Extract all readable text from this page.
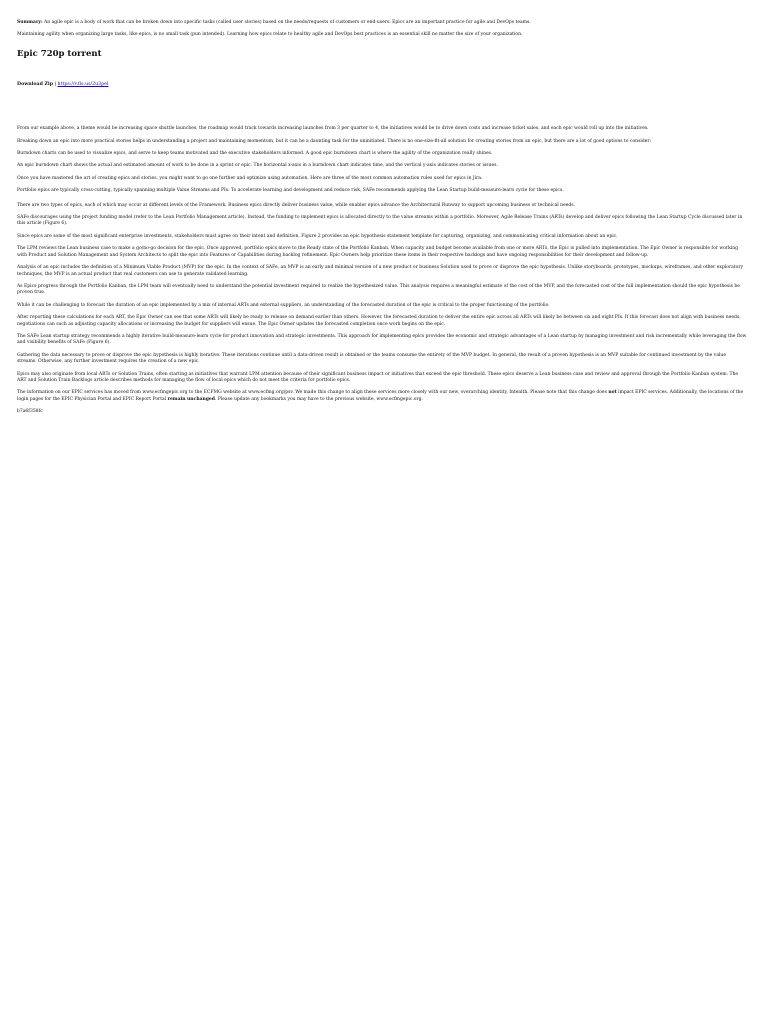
Summary: An agile epic is a body of work that can be broken down into specific tasks (called user stories) based on the needs/requests of customers or end-users. Epics are an important practice for agile and DevOps teams.

Maintaining agility when organizing large tasks, like epics, is no small task (pun intended). Learning how epics relate to healthy agile and DevOps best practices is an essential skill no matter the size of your organization.

Epic 720p torrent

Download Zip | https://v.fls.us/2u3pel

From our example above, a theme would be increasing space shuttle launches, the roadmap would track towards increasing launches from 3 per quarter to 4, the initiatives would be to drive down costs and increase ticket sales, and each epic would roll up into the initiatives.

Breaking down an epic into more practical stories helps in understanding a project and maintaining momentum, but it can be a daunting task for the uninitiated. There is no one-size-fit-all solution for creating stories from an epic, but there are a lot of good options to consider:

Burndown charts can be used to visualize epics, and serve to keep teams motivated and the executive stakeholders informed. A good epic burndown chart is where the agility of the organization really shines.

An epic burndown chart shows the actual and estimated amount of work to be done in a sprint or epic. The horizontal x-axis in a burndown chart indicates time, and the vertical y-axis indicates stories or issues.

Once you have mastered the art of creating epics and stories, you might want to go one further and optimize using automation. Here are three of the most common automation rules used for epics in Jira.

Portfolio epics are typically cross-cutting, typically spanning multiple Value Streams and PIs. To accelerate learning and development and reduce risk, SAFe recommends applying the Lean Startup build-measure-learn cycle for these epics.

There are two types of epics, each of which may occur at different levels of the Framework. Business epics directly deliver business value, while enabler epics advance the Architectural Runway to support upcoming business or technical needs.

SAFe discourages using the project funding model (refer to the Lean Portfolio Management article). Instead, the funding to implement epics is allocated directly to the value streams within a portfolio. Moreover, Agile Release Trains (ARTs) develop and deliver epics following the Lean Startup Cycle discussed later in this article (Figure 6).

Since epics are some of the most significant enterprise investments, stakeholders must agree on their intent and definition. Figure 2 provides an epic hypothesis statement template for capturing, organizing, and communicating critical information about an epic.

The LPM reviews the Lean business case to make a go/no-go decision for the epic. Once approved, portfolio epics move to the Ready state of the Portfolio Kanban. When capacity and budget become available from one or more ARTs, the Epic is pulled into implementation. The Epic Owner is responsible for working with Product and Solution Management and System Architects to split the epic into Features or Capabilities during backlog refinement. Epic Owners help prioritize these items in their respective backlogs and have ongoing responsibilities for their development and follow-up.

Analysis of an epic includes the definition of a Minimum Viable Product (MVP) for the epic. In the context of SAFe, an MVP is an early and minimal version of a new product or business Solution used to prove or disprove the epic hypothesis. Unlike storyboards, prototypes, mockups, wireframes, and other exploratory techniques, the MVP is an actual product that real customers can use to generate validated learning.

As Epics progress through the Portfolio Kanban, the LPM team will eventually need to understand the potential investment required to realize the hypothesized value. This analysis requires a meaningful estimate of the cost of the MVP, and the forecasted cost of the full implementation should the epic hypothesis be proven true.

While it can be challenging to forecast the duration of an epic implemented by a mix of internal ARTs and external suppliers, an understanding of the forecasted duration of the epic is critical to the proper functioning of the portfolio.

After reporting these calculations for each ART, the Epic Owner can see that some ARTs will likely be ready to release on demand earlier than others. However, the forecasted duration to deliver the entire epic across all ARTs will likely be between six and eight PIs. If this forecast does not align with business needs, negotiations can such as adjusting capacity allocations or increasing the budget for suppliers will ensue. The Epic Owner updates the forecasted completion once work begins on the epic.

The SAFe Lean startup strategy recommends a highly iterative build-measure-learn cycle for product innovation and strategic investments. This approach for implementing epics provides the economic and strategic advantages of a Lean startup by managing investment and risk incrementally while leveraging the flow and visibility benefits of SAFe (Figure 6).

Gathering the data necessary to prove or disprove the epic hypothesis is highly iterative. These iterations continue until a data-driven result is obtained or the teams consume the entirety of the MVP budget. In general, the result of a proven hypothesis is an MVP suitable for continued investment by the value streams. Otherwise, any further investment requires the creation of a new epic.

Epics may also originate from local ARTs or Solution Trains, often starting as initiatives that warrant LPM attention because of their significant business impact or initiatives that exceed the epic threshold. These epics deserve a Lean business case and review and approval through the Portfolio Kanban system. The ART and Solution Train Backlogs article describes methods for managing the flow of local epics which do not meet the criteria for portfolio epics.

The information on our EPIC services has moved from www.ecfmgepic.org to the ECFMG website at www.ecfmg.org/psv. We made this change to align these services more closely with our new, overarching identity, Intealth. Please note that this change does not impact EPIC services. Additionally, the locations of the login pages for the EPIC Physician Portal and EPIC Report Portal remain unchanged. Please update any bookmarks you may have to the previous website, www.ecfmgepic.org.

b7a6f358fc
